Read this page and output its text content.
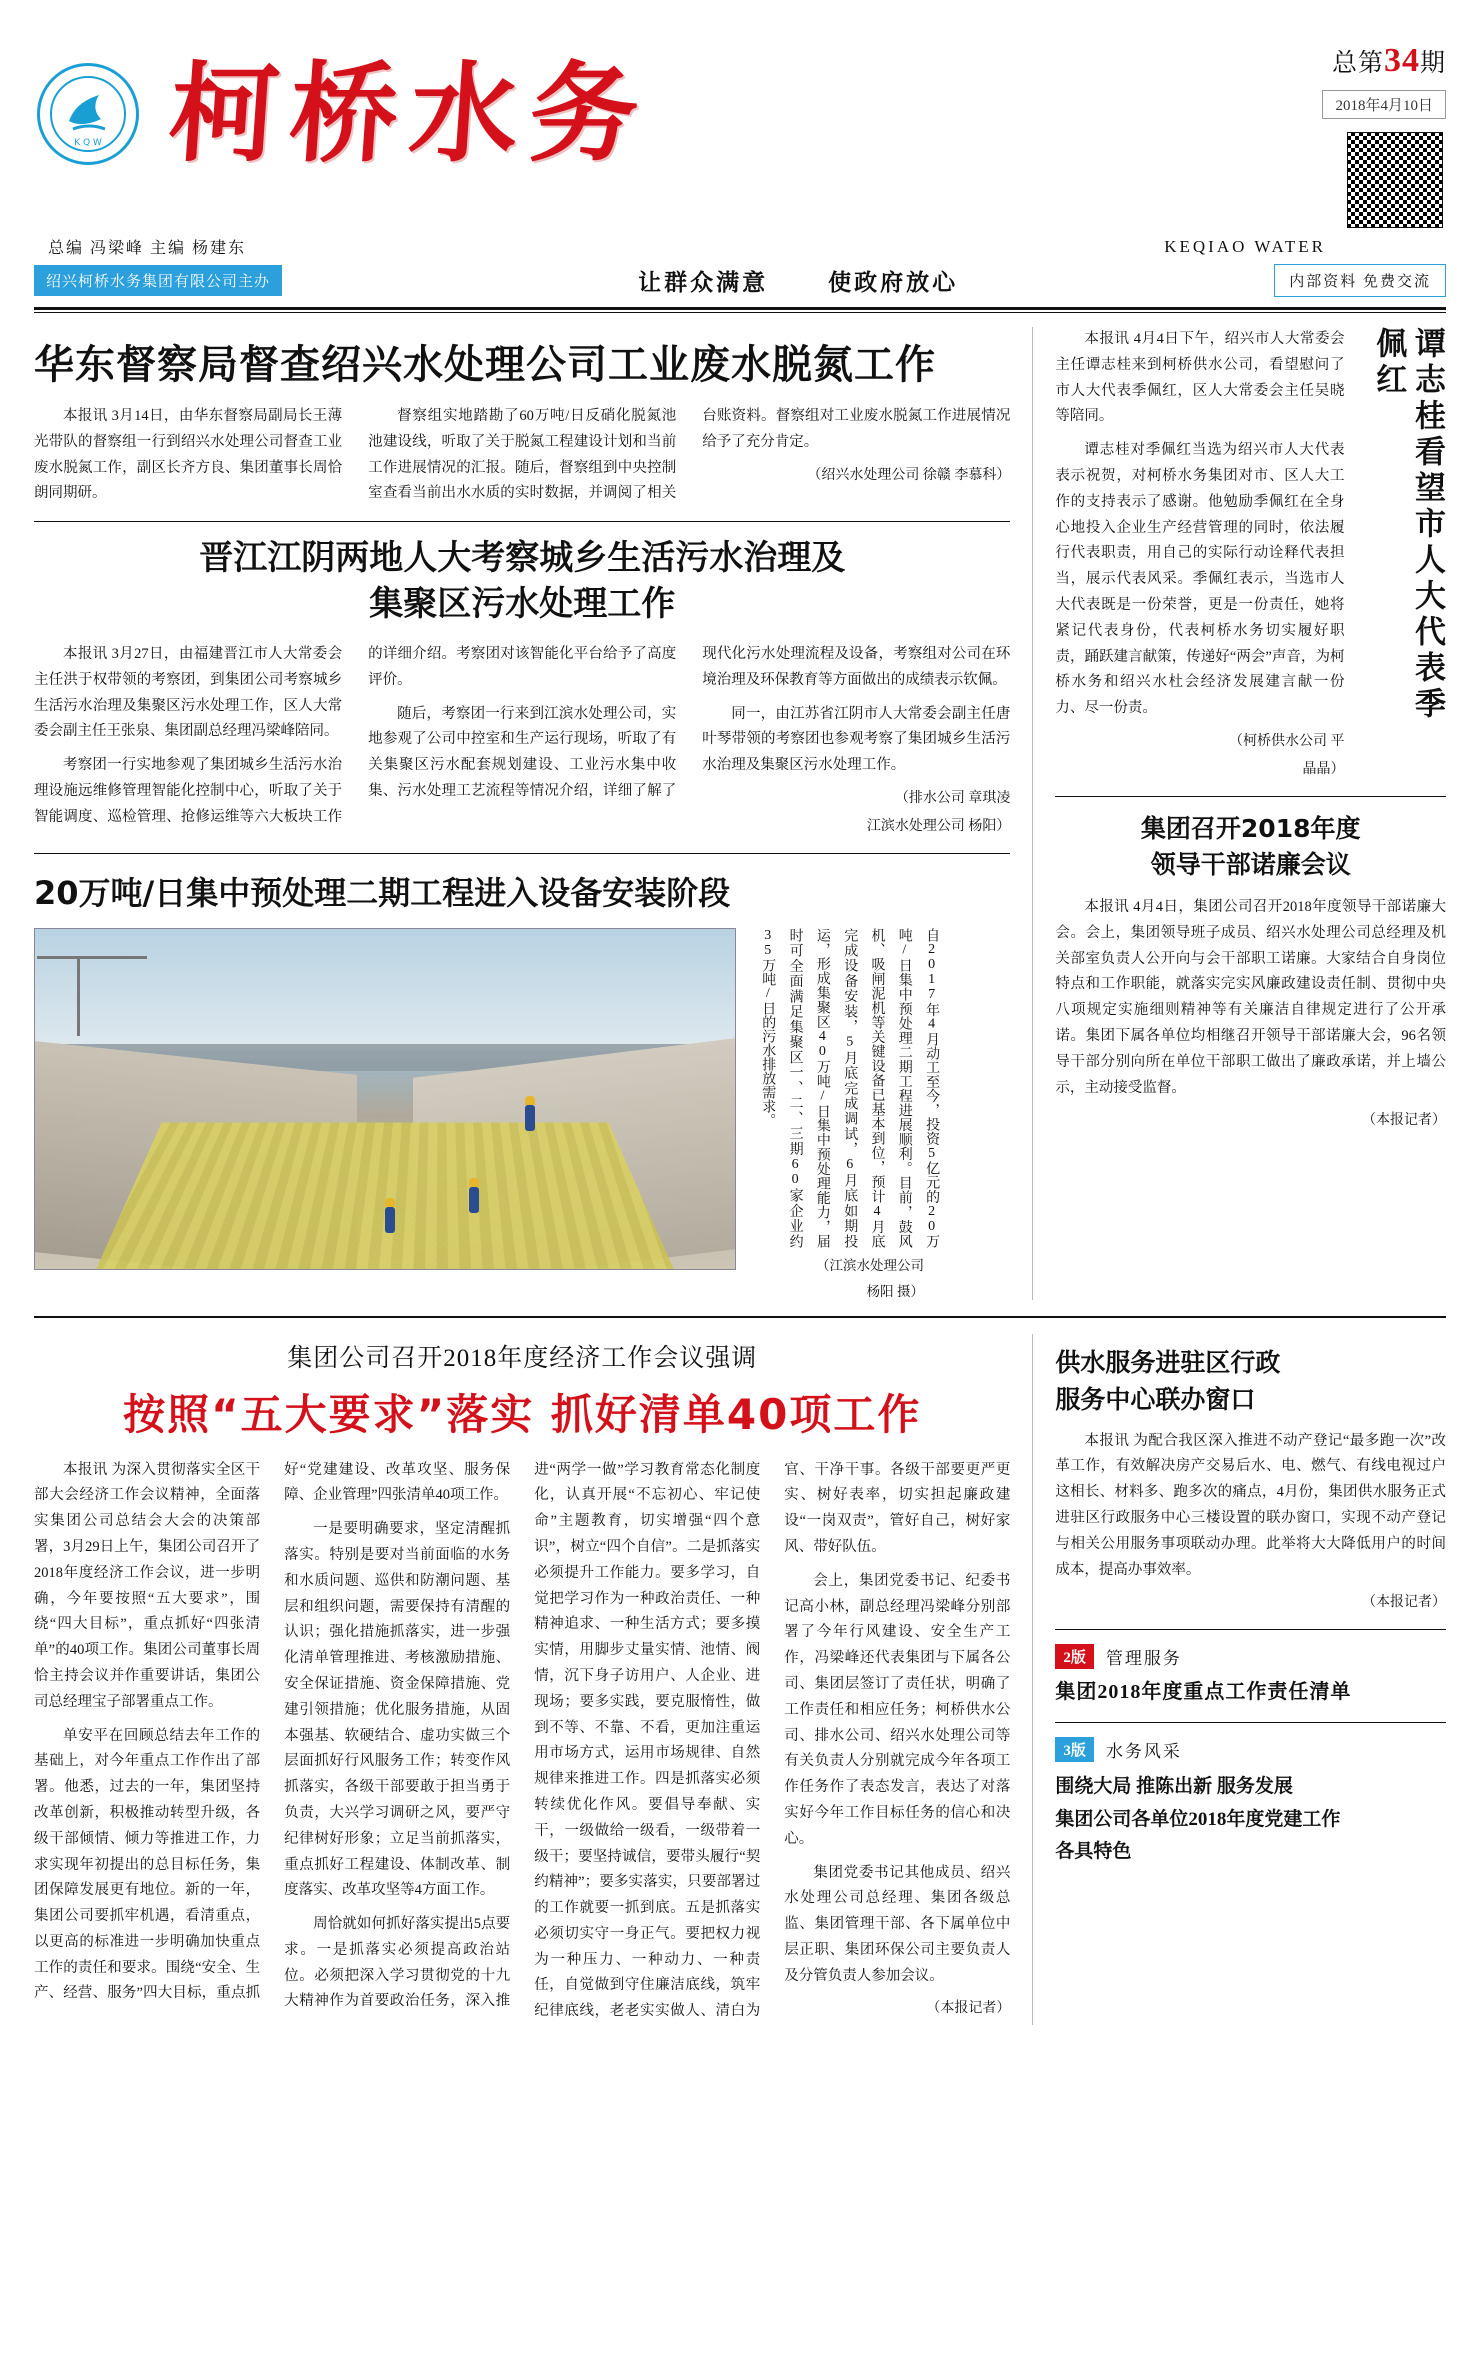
K Q W 柯桥水务	总第34期
2018年4月10日
总编 冯梁峰 主编 杨建东	KEQIAO WATER
绍兴柯桥水务集团有限公司主办	让群众满意	使政府放心	内部资料 免费交流
华东督察局督查绍兴水处理公司工业废水脱氮工作

本报讯 3月14日，由华东督察局副局长王薄光带队的督察组一行到绍兴水处理公司督查工业废水脱氮工作，副区长齐方良、集团董事长周恰朗同期研。

督察组实地踏勘了60万吨/日反硝化脱氮池池建设线，听取了关于脱氮工程建设计划和当前工作进展情况的汇报。随后，督察组到中央控制室查看当前出水水质的实时数据，并调阅了相关台账资料。督察组对工业废水脱氮工作进展情况给予了充分肯定。

（绍兴水处理公司 徐赣 李慕科）
晋江江阴两地人大考察城乡生活污水治理及
集聚区污水处理工作

本报讯 3月27日，由福建晋江市人大常委会主任洪于权带领的考察团，到集团公司考察城乡生活污水治理及集聚区污水处理工作，区人大常委会副主任王张泉、集团副总经理冯梁峰陪同。

考察团一行实地参观了集团城乡生活污水治理设施远维修管理智能化控制中心，听取了关于智能调度、巡检管理、抢修运维等六大板块工作的详细介绍。考察团对该智能化平台给予了高度评价。

随后，考察团一行来到江滨水处理公司，实地参观了公司中控室和生产运行现场，听取了有关集聚区污水配套规划建设、工业污水集中收集、污水处理工艺流程等情况介绍，详细了解了现代化污水处理流程及设备，考察组对公司在环境治理及环保教育等方面做出的成绩表示钦佩。

同一，由江苏省江阴市人大常委会副主任唐叶琴带领的考察团也参观考察了集团城乡生活污水治理及集聚区污水处理工作。

（排水公司 章琪凌
江滨水处理公司 杨阳）
20万吨/日集中预处理二期工程进入设备安装阶段

自2017年4月动工至今，投资5亿元的20万吨/日集中预处理二期工程进展顺利。目前，鼓风机、吸闸泥机等关键设备已基本到位，预计4月底完成设备安装，5月底完成调试，6月底如期投运，形成集聚区40万吨/日集中预处理能力，届时可全面满足集聚区一、二、三期60家企业约35万吨/日的污水排放需求。

（江滨水处理公司
杨阳 摄）

本报讯 4月4日下午，绍兴市人大常委会主任谭志桂来到柯桥供水公司，看望慰问了市人大代表季佩红，区人大常委会主任吴晓等陪同。

谭志桂对季佩红当选为绍兴市人大代表表示祝贺，对柯桥水务集团对市、区人大工作的支持表示了感谢。他勉励季佩红在全身心地投入企业生产经营管理的同时，依法履行代表职责，用自己的实际行动诠释代表担当，展示代表风采。季佩红表示，当选市人大代表既是一份荣誉，更是一份责任，她将紧记代表身份，代表柯桥水务切实履好职责，踊跃建言献策，传递好“两会”声音，为柯桥水务和绍兴水杜会经济发展建言献一份力、尽一份责。

（柯桥供水公司 平
晶晶）
谭志桂看望市人大代表季佩红
集团召开2018年度
领导干部诺廉会议

本报讯 4月4日，集团公司召开2018年度领导干部诺廉大会。会上，集团领导班子成员、绍兴水处理公司总经理及机关部室负责人公开向与会干部职工诺廉。大家结合自身岗位特点和工作职能，就落实完实风廉政建设责任制、贯彻中央八项规定实施细则精神等有关廉洁自律规定进行了公开承诺。集团下属各单位均相继召开领导干部诺廉大会，96名领导干部分别向所在单位干部职工做出了廉政承诺，并上墙公示，主动接受监督。

（本报记者）
集团公司召开2018年度经济工作会议强调
按照“五大要求”落实 抓好清单40项工作

本报讯 为深入贯彻落实全区干部大会经济工作会议精神，全面落实集团公司总结会大会的决策部署，3月29日上午，集团公司召开了2018年度经济工作会议，进一步明确，今年要按照“五大要求”，围绕“四大目标”，重点抓好“四张清单”的40项工作。集团公司董事长周恰主持会议并作重要讲话，集团公司总经理宝子部署重点工作。

单安平在回顾总结去年工作的基础上，对今年重点工作作出了部署。他悉，过去的一年，集团坚持改革创新，积极推动转型升级，各级干部倾情、倾力等推进工作，力求实现年初提出的总目标任务，集团保障发展更有地位。新的一年，集团公司要抓牢机遇，看清重点，以更高的标准进一步明确加快重点工作的责任和要求。围绕“安全、生产、经营、服务”四大目标，重点抓好“党建建设、改革攻坚、服务保障、企业管理”四张清单40项工作。

一是要明确要求，坚定清醒抓落实。特别是要对当前面临的水务和水质问题、巡供和防潮问题、基层和组织问题，需要保持有清醒的认识；强化措施抓落实，进一步强化清单管理推进、考核激励措施、安全保证措施、资金保障措施、党建引领措施；优化服务措施，从固本强基、软硬结合、虚功实做三个层面抓好行风服务工作；转变作风抓落实，各级干部要敢于担当勇于负责，大兴学习调研之风，要严守纪律树好形象；立足当前抓落实，重点抓好工程建设、体制改革、制度落实、改革攻坚等4方面工作。

周恰就如何抓好落实提出5点要求。一是抓落实必须提高政治站位。必须把深入学习贯彻党的十九大精神作为首要政治任务，深入推进“两学一做”学习教育常态化制度化，认真开展“不忘初心、牢记使命”主题教育，切实增强“四个意识”，树立“四个自信”。二是抓落实必须提升工作能力。要多学习，自觉把学习作为一种政治责任、一种精神追求、一种生活方式；要多摸实情，用脚步丈量实情、池情、阀情，沉下身子访用户、人企业、进现场；要多实践，要克服惰性，做到不等、不靠、不看，更加注重运用市场方式，运用市场规律、自然规律来推进工作。四是抓落实必须转续优化作风。要倡导奉献、实干，一级做给一级看，一级带着一级干；要坚持诚信，要带头履行“契约精神”；要多实落实，只要部署过的工作就要一抓到底。五是抓落实必须切实守一身正气。要把权力视为一种压力、一种动力、一种责任，自觉做到守住廉洁底线，筑牢纪律底线，老老实实做人、清白为官、干净干事。各级干部要更严更实、树好表率，切实担起廉政建设“一岗双责”，管好自己，树好家风、带好队伍。

会上，集团党委书记、纪委书记高小林，副总经理冯梁峰分别部署了今年行风建设、安全生产工作，冯梁峰还代表集团与下属各公司、集团层签订了责任状，明确了工作责任和相应任务；柯桥供水公司、排水公司、绍兴水处理公司等有关负责人分别就完成今年各项工作任务作了表态发言，表达了对落实好今年工作目标任务的信心和决心。

集团党委书记其他成员、绍兴水处理公司总经理、集团各级总监、集团管理干部、各下属单位中层正职、集团环保公司主要负责人及分管负责人参加会议。

（本报记者）
供水服务进驻区行政
服务中心联办窗口

本报讯 为配合我区深入推进不动产登记“最多跑一次”改革工作，有效解决房产交易后水、电、燃气、有线电视过户这相长、材料多、跑多次的痛点，4月份，集团供水服务正式进驻区行政服务中心三楼设置的联办窗口，实现不动产登记与相关公用服务事项联动办理。此举将大大降低用户的时间成本，提高办事效率。

（本报记者）
2版	管理服务
集团2018年度重点工作责任清单
3版	水务风采
围绕大局 推陈出新 服务发展
集团公司各单位2018年度党建工作
各具特色
